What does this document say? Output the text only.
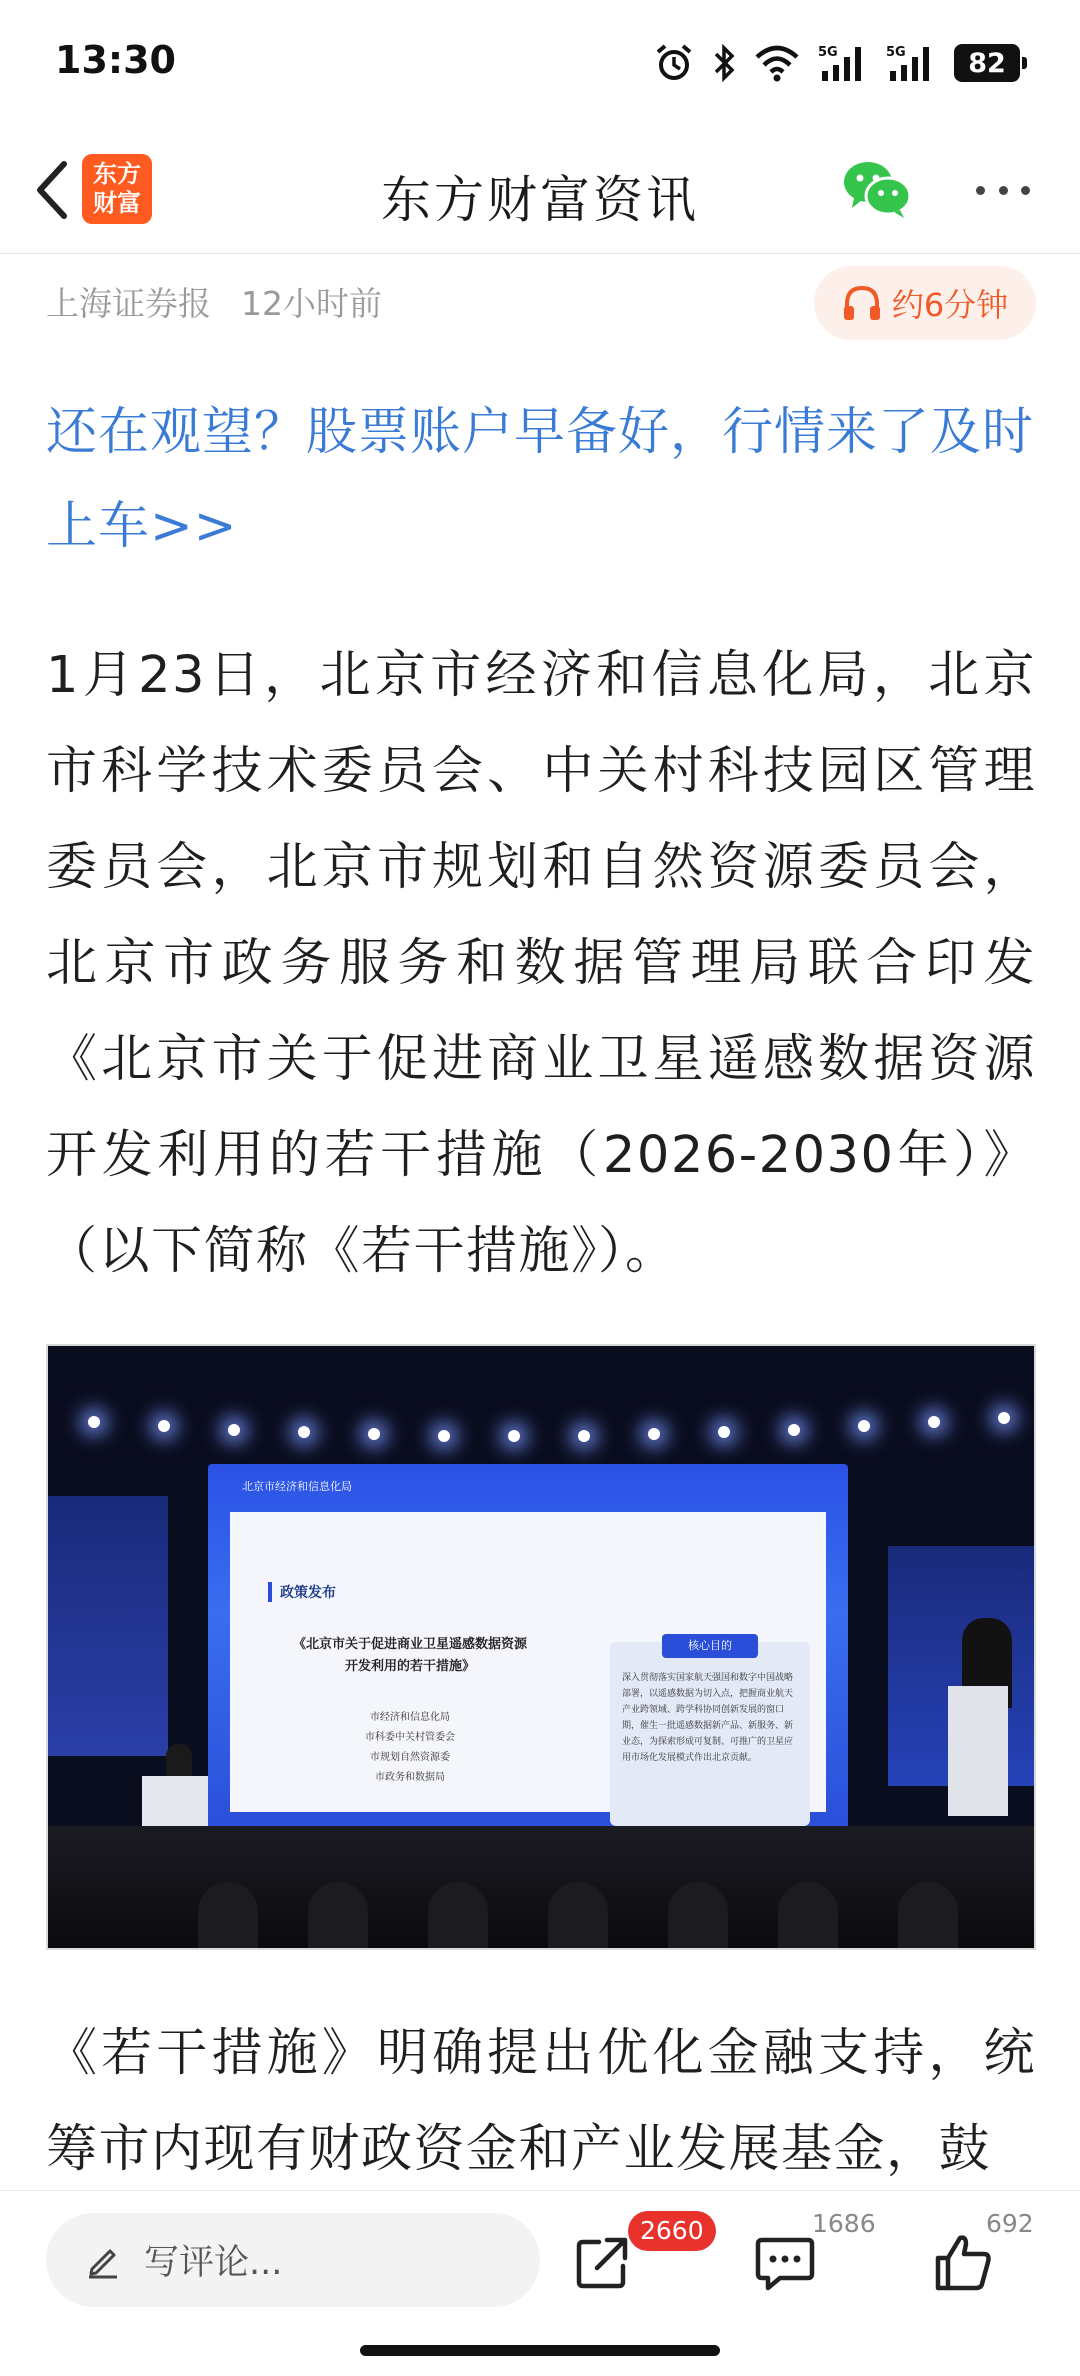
13:30	5G	5G	82
东方
财富	东方财富资讯
上海证券报 12小时前	约6分钟
还在观望？股票账户早备好，行情来了及时上车>>
1月23日，北京市经济和信息化局，北京市科学技术委员会、中关村科技园区管理委员会，北京市规划和自然资源委员会，北京市政务服务和数据管理局联合印发《北京市关于促进商业卫星遥感数据资源开发利用的若干措施（2026-2030年）》（以下简称《若干措施》）。
北京市经济和信息化局
政策发布
《北京市关于促进商业卫星遥感数据资源开发利用的若干措施》
市经济和信息化局
市科委中关村管委会
市规划自然资源委
市政务和数据局
核心目的
深入贯彻落实国家航天强国和数字中国战略部署，以遥感数据为切入点，把握商业航天产业跨领域、跨学科协同创新发展的窗口期，催生一批遥感数据新产品、新服务、新业态，为探索形成可复制、可推广的卫星应用市场化发展模式作出北京贡献。
《若干措施》明确提出优化金融支持，统筹市内现有财政资金和产业发展基金，鼓
写评论...
2660	1686	692
